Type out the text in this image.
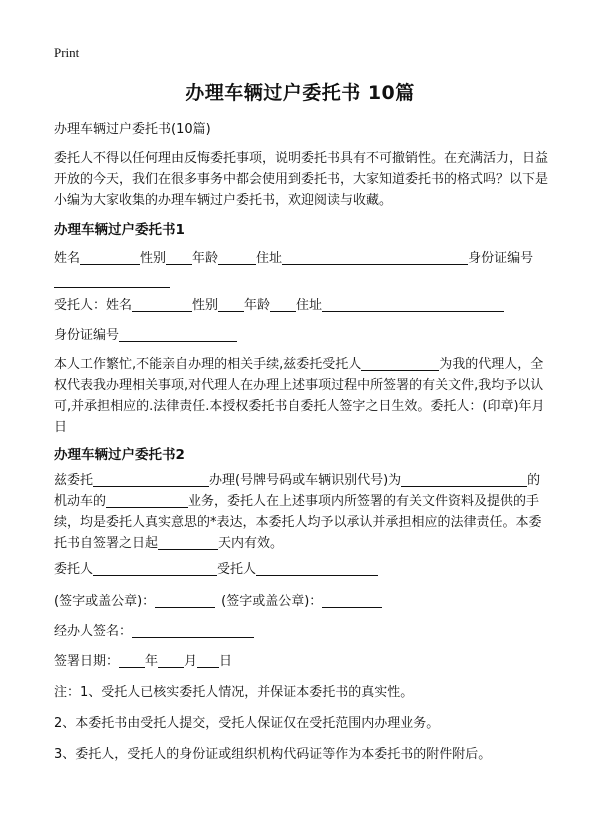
Print
办理车辆过户委托书 10篇
办理车辆过户委托书(10篇)
委托人不得以任何理由反悔委托事项，说明委托书具有不可撤销性。在充满活力，日益开放的今天，我们在很多事务中都会使用到委托书，大家知道委托书的格式吗？以下是小编为大家收集的办理车辆过户委托书，欢迎阅读与收藏。
办理车辆过户委托书1
姓名	性别 年龄	住址	身份证编号
受托人：姓名	性别 年龄 住址
身份证编号
本人工作繁忙,不能亲自办理的相关手续,兹委托受托人	为我的代理人，全权代表我办理相关事项,对代理人在办理上述事项过程中所签署的有关文件,我均予以认可,并承担相应的.法律责任.本授权委托书自委托人签字之日生效。委托人：(印章)年月日
办理车辆过户委托书2
兹委托	办理(号牌号码或车辆识别代号)为	的机动车的	业务，委托人在上述事项内所签署的有关文件资料及提供的手续，均是委托人真实意思的*表达，本委托人均予以承认并承担相应的法律责任。本委托书自签署之日起	天内有效。
委托人	受托人
(签字或盖公章)：	(签字或盖公章)：
经办人签名：
签署日期： 年 月 日
注：1、受托人已核实委托人情况，并保证本委托书的真实性。
2、本委托书由受托人提交，受托人保证仅在受托范围内办理业务。
3、委托人，受托人的身份证或组织机构代码证等作为本委托书的附件附后。
